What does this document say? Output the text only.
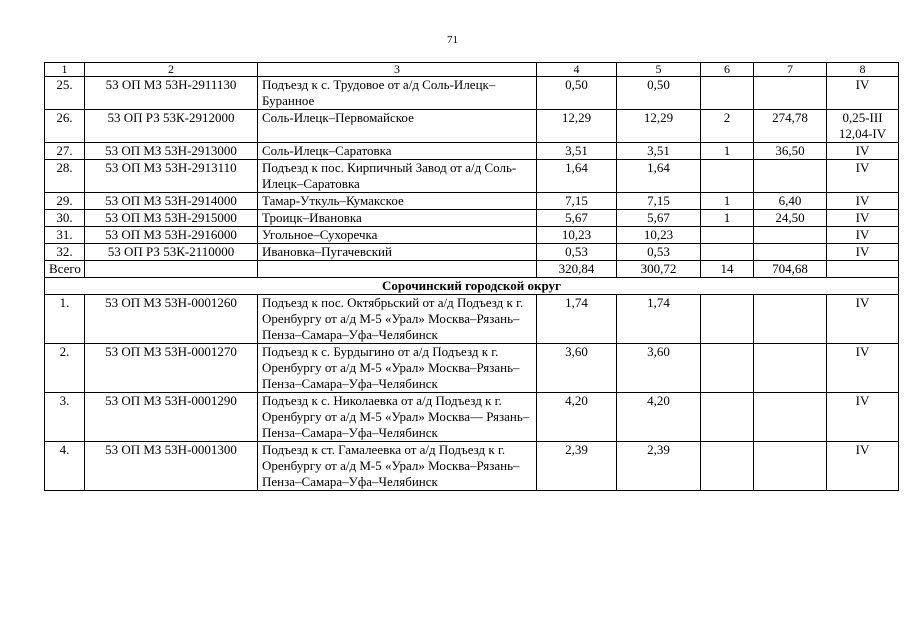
71
1	2	3	4	5	6	7	8
25.	53 ОП МЗ 53Н-2911130	Подъезд к с. Трудовое от а/д Соль-Илецк–Буранное	0,50	0,50			IV
26.	53 ОП РЗ 53К-2912000	Соль-Илецк–Первомайское	12,29	12,29	2	274,78	0,25-III 12,04-IV
27.	53 ОП МЗ 53Н-2913000	Соль-Илецк–Саратовка	3,51	3,51	1	36,50	IV
28.	53 ОП МЗ 53Н-2913110	Подъезд к пос. Кирпичный Завод от а/д Соль-Илецк–Саратовка	1,64	1,64			IV
29.	53 ОП МЗ 53Н-2914000	Тамар-Уткуль–Кумакское	7,15	7,15	1	6,40	IV
30.	53 ОП МЗ 53Н-2915000	Троицк–Ивановка	5,67	5,67	1	24,50	IV
31.	53 ОП МЗ 53Н-2916000	Угольное–Сухоречка	10,23	10,23			IV
32.	53 ОП РЗ 53К-2110000	Ивановка–Пугачевский	0,53	0,53			IV
Всего			320,84	300,72	14	704,68	
Сорочинский городской округ							
1.	53 ОП МЗ 53Н-0001260	Подъезд к пос. Октябрьский от а/д Подъезд к г. Оренбургу от а/д М-5 «Урал» Москва–Рязань–Пенза–Самара–Уфа–Челябинск	1,74	1,74			IV
2.	53 ОП МЗ 53Н-0001270	Подъезд к с. Бурдыгино от а/д Подъезд к г. Оренбургу от а/д М-5 «Урал» Москва–Рязань–Пенза–Самара–Уфа–Челябинск	3,60	3,60			IV
3.	53 ОП МЗ 53Н-0001290	Подъезд к с. Николаевка от а/д Подъезд к г. Оренбургу от а/д М-5 «Урал» Москва— Рязань–Пенза–Самара–Уфа–Челябинск	4,20	4,20			IV
4.	53 ОП МЗ 53Н-0001300	Подъезд к ст. Гамалеевка от а/д Подъезд к г. Оренбургу от а/д М-5 «Урал» Москва–Рязань–Пенза–Самара–Уфа–Челябинск	2,39	2,39			IV
